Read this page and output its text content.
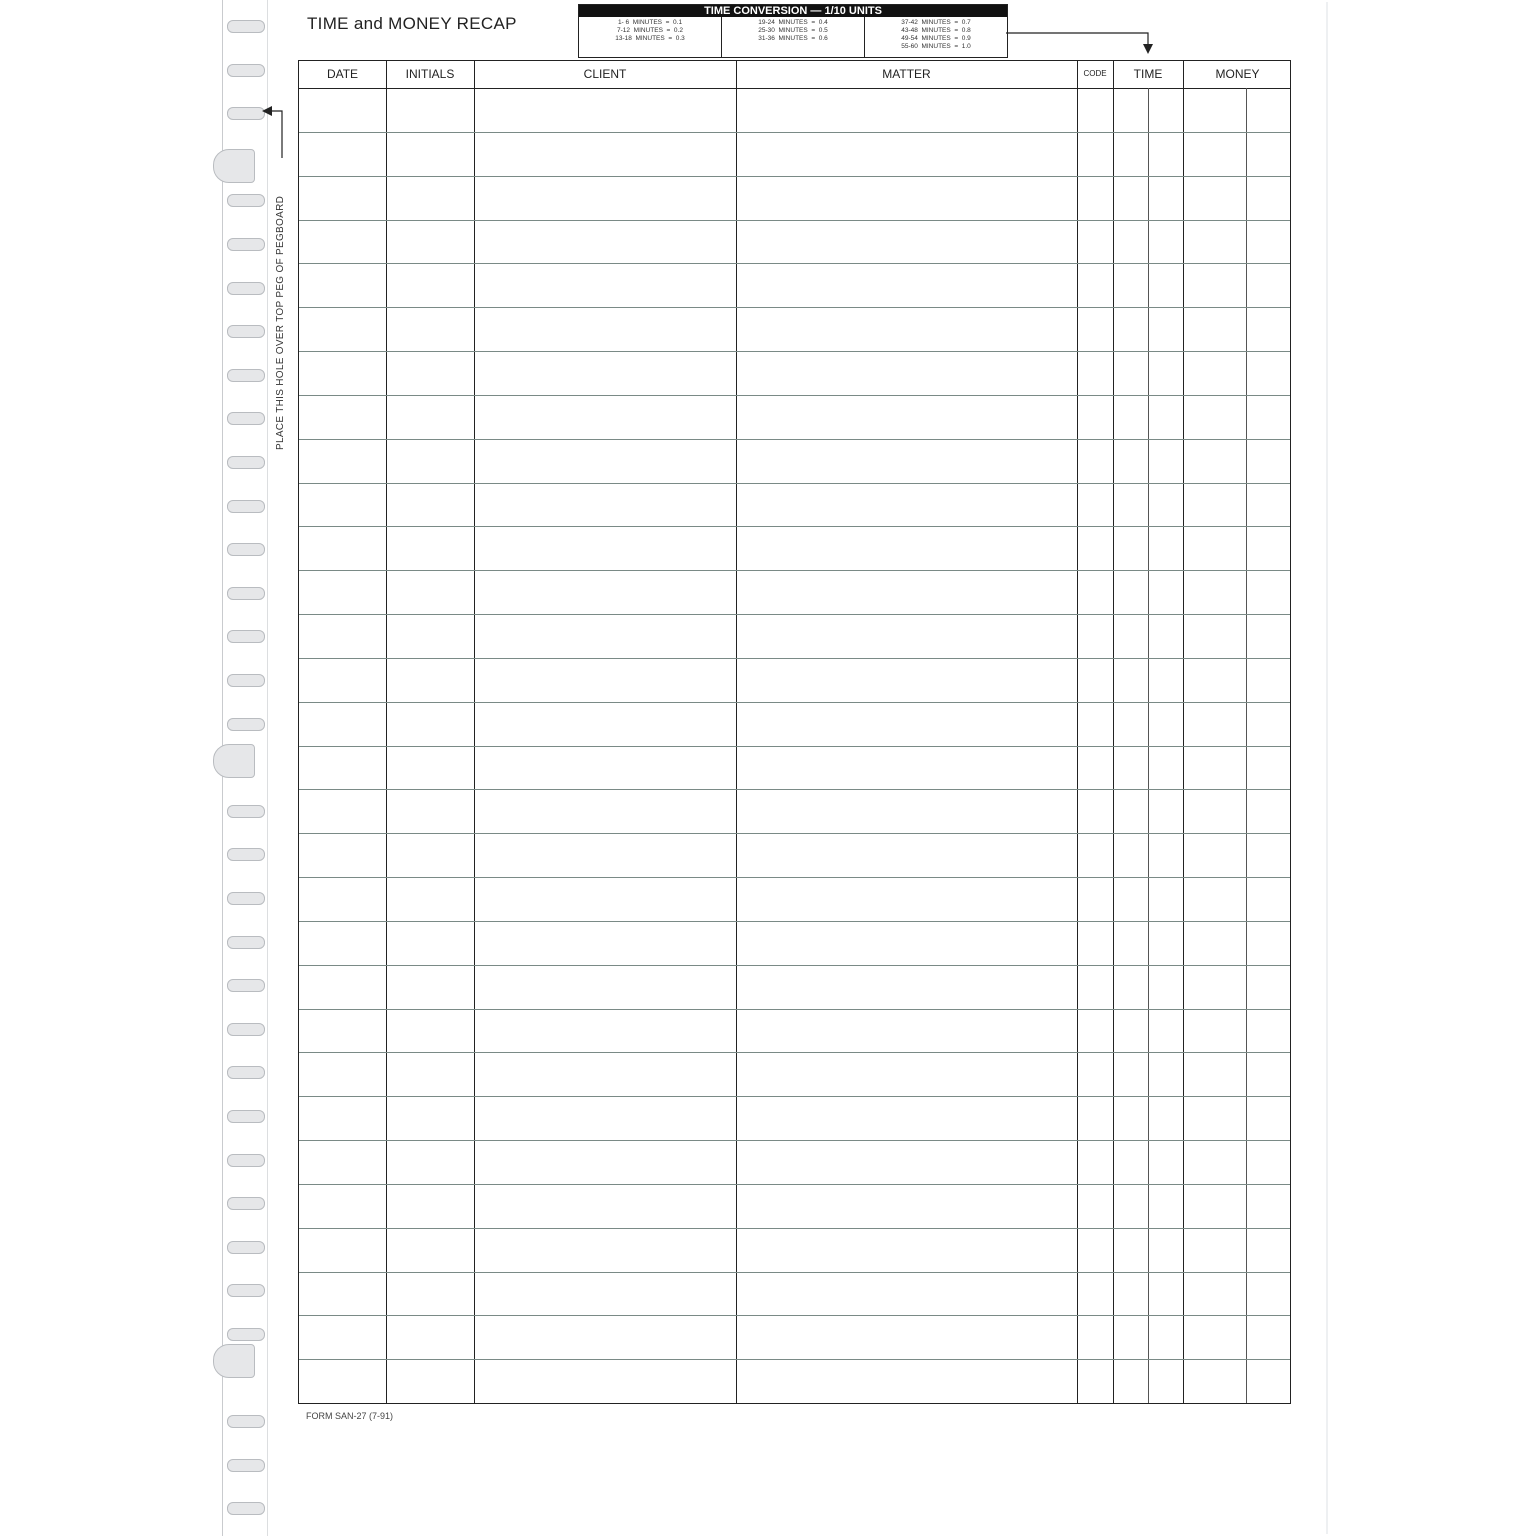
TIME and MONEY RECAP
TIME CONVERSION — 1/10 UNITS
1- 6  MINUTES  =  0.1
7-12  MINUTES  =  0.2
13-18  MINUTES  =  0.3
19-24  MINUTES  =  0.4
25-30  MINUTES  =  0.5
31-36  MINUTES  =  0.6
37-42  MINUTES  =  0.7
43-48  MINUTES  =  0.8
49-54  MINUTES  =  0.9
55-60  MINUTES  =  1.0
PLACE THIS HOLE OVER TOP PEG OF PEGBOARD
DATE	INITIALS	CLIENT	MATTER	CODE	TIME	MONEY
FORM SAN-27 (7-91)
